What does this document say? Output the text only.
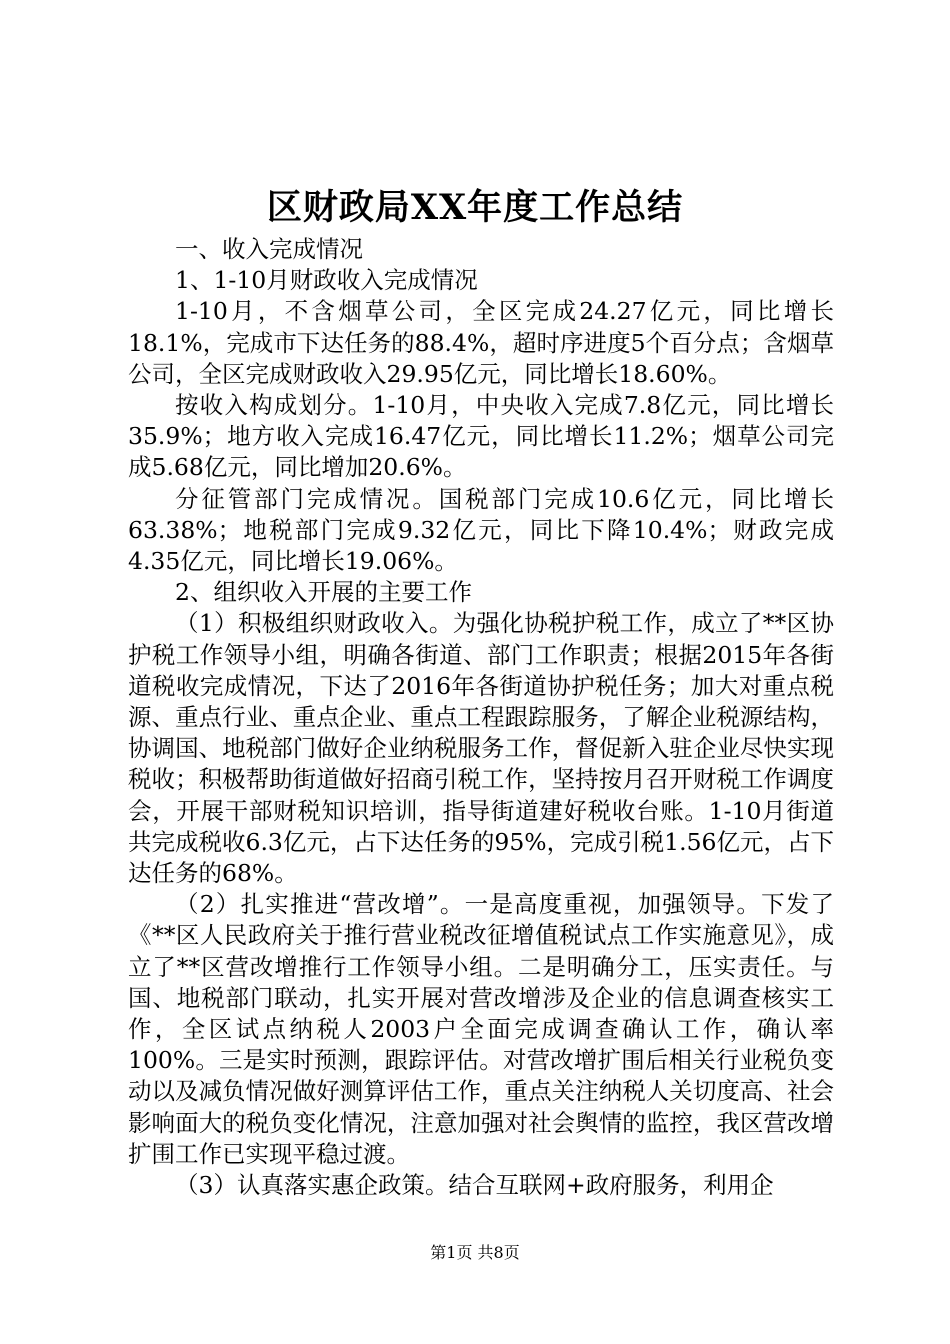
区财政局XX年度工作总结

一、收入完成情况

1、1-10月财政收入完成情况

1-10月，不含烟草公司，全区完成24.27亿元，同比增长18.1%，完成市下达任务的88.4%，超时序进度5个百分点；含烟草公司，全区完成财政收入29.95亿元，同比增长18.60%。

按收入构成划分。1-10月，中央收入完成7.8亿元，同比增长35.9%；地方收入完成16.47亿元，同比增长11.2%；烟草公司完成5.68亿元，同比增加20.6%。

分征管部门完成情况。国税部门完成10.6亿元，同比增长63.38%；地税部门完成9.32亿元，同比下降10.4%；财政完成4.35亿元，同比增长19.06%。

2、组织收入开展的主要工作

（1）积极组织财政收入。为强化协税护税工作，成立了**区协护税工作领导小组，明确各街道、部门工作职责；根据2015年各街道税收完成情况，下达了2016年各街道协护税任务；加大对重点税源、重点行业、重点企业、重点工程跟踪服务，了解企业税源结构，协调国、地税部门做好企业纳税服务工作，督促新入驻企业尽快实现税收；积极帮助街道做好招商引税工作，坚持按月召开财税工作调度会，开展干部财税知识培训，指导街道建好税收台账。1-10月街道共完成税收6.3亿元，占下达任务的95%，完成引税1.56亿元，占下达任务的68%。

（2）扎实推进“营改增”。一是高度重视，加强领导。下发了《**区人民政府关于推行营业税改征增值税试点工作实施意见》，成立了**区营改增推行工作领导小组。二是明确分工，压实责任。与国、地税部门联动，扎实开展对营改增涉及企业的信息调查核实工作，全区试点纳税人2003户全面完成调查确认工作，确认率100%。三是实时预测，跟踪评估。对营改增扩围后相关行业税负变动以及减负情况做好测算评估工作，重点关注纳税人关切度高、社会影响面大的税负变化情况，注意加强对社会舆情的监控，我区营改增扩围工作已实现平稳过渡。

（3）认真落实惠企政策。结合互联网+政府服务，利用企

第1页 共8页
